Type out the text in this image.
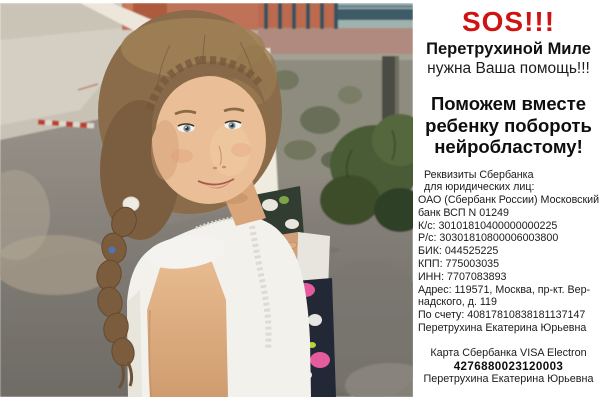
SOS!!!
Перетрухиной Миле
нужна Ваша помощь!!!
Поможем вместе
ребенку побороть
нейробластому!
Реквизиты Сбербанка
для юридических лиц:
ОАО (Сбербанк России) Московский
банк ВСП N 01249
К/с: 30101810400000000225
Р/с: 30301810800006003800
БИК: 044525225
КПП: 775003035
ИНН: 7707083893
Адрес: 119571, Москва, пр-кт. Вер-
надского, д. 119
По счету: 40817810838181137147
Перетрухина Екатерина Юрьевна
Карта Сбербанка VISA Electron
4276880023120003
Перетрухина Екатерина Юрьевна
